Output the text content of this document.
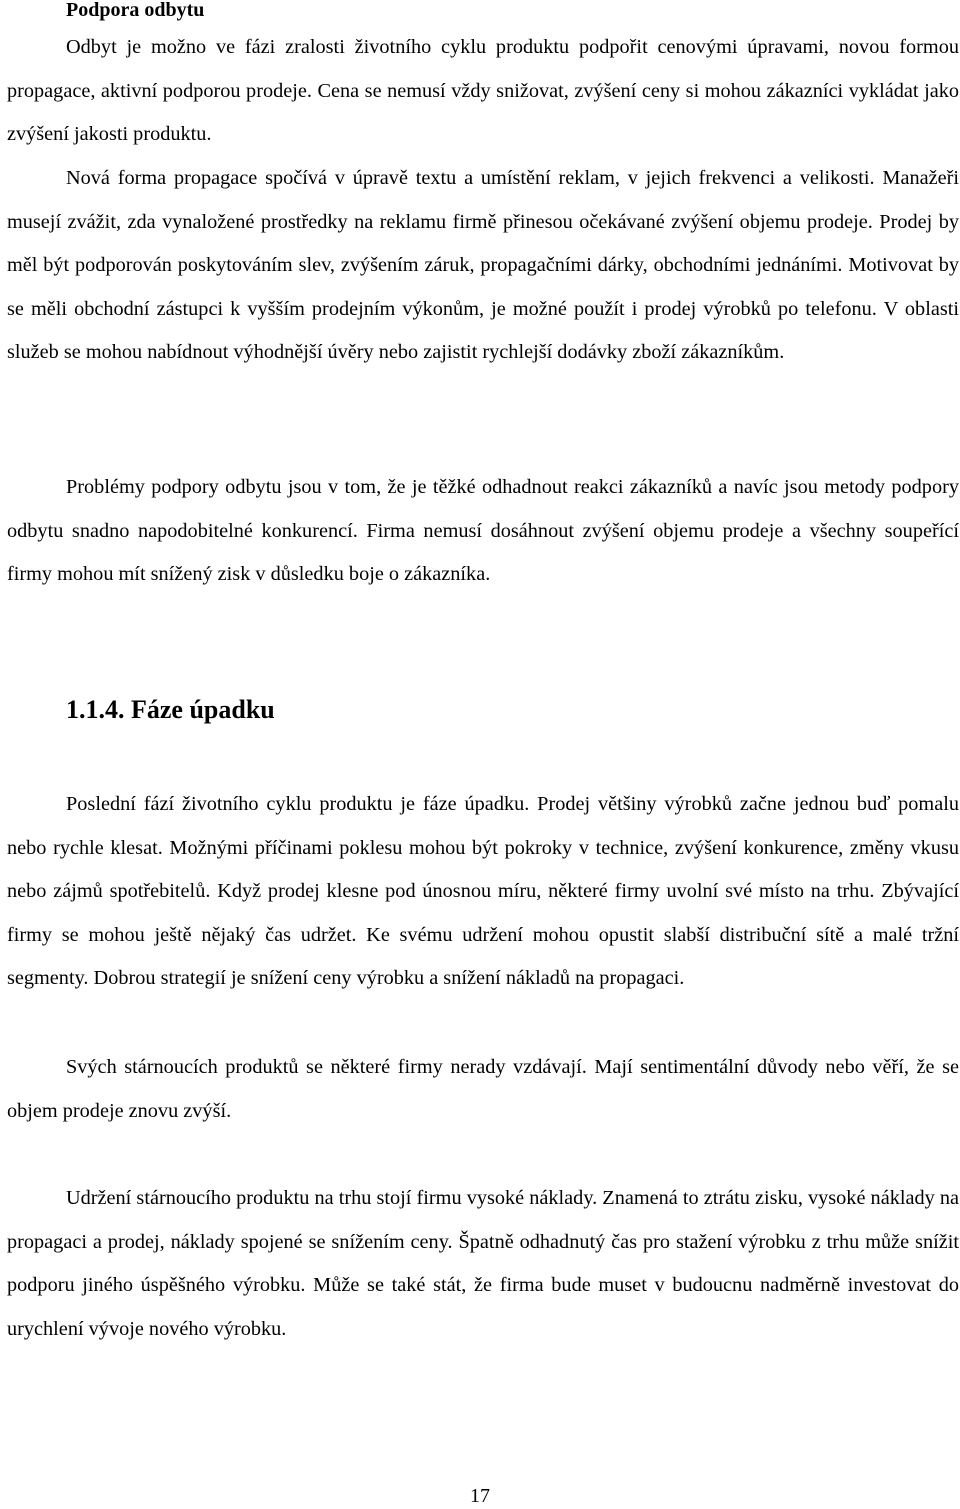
Podpora odbytu

Odbyt je možno ve fázi zralosti životního cyklu produktu podpořit cenovými úpravami, novou formou propagace, aktivní podporou prodeje. Cena se nemusí vždy snižovat, zvýšení ceny si mohou zákazníci vykládat jako zvýšení jakosti produktu.

Nová forma propagace spočívá v úpravě textu a umístění reklam, v jejich frekvenci a velikosti. Manažeři musejí zvážit, zda vynaložené prostředky na reklamu firmě přinesou očekávané zvýšení objemu prodeje. Prodej by měl být podporován poskytováním slev, zvýšením záruk, propagačními dárky, obchodními jednáními. Motivovat by se měli obchodní zástupci k vyšším prodejním výkonům, je možné použít i prodej výrobků po telefonu. V oblasti služeb se mohou nabídnout výhodnější úvěry nebo zajistit rychlejší dodávky zboží zákazníkům.

Problémy podpory odbytu jsou v tom, že je těžké odhadnout reakci zákazníků a navíc jsou metody podpory odbytu snadno napodobitelné konkurencí. Firma nemusí dosáhnout zvýšení objemu prodeje a všechny soupeřící firmy mohou mít snížený zisk v důsledku boje o zákazníka.

1.1.4. Fáze úpadku

Poslední fází životního cyklu produktu je fáze úpadku. Prodej většiny výrobků začne jednou buď pomalu nebo rychle klesat. Možnými příčinami poklesu mohou být pokroky v technice, zvýšení konkurence, změny vkusu nebo zájmů spotřebitelů. Když prodej klesne pod únosnou míru, některé firmy uvolní své místo na trhu. Zbývající firmy se mohou ještě nějaký čas udržet. Ke svému udržení mohou opustit slabší distribuční sítě a malé tržní segmenty. Dobrou strategií je snížení ceny výrobku a snížení nákladů na propagaci.

Svých stárnoucích produktů se některé firmy nerady vzdávají. Mají sentimentální důvody nebo věří, že se objem prodeje znovu zvýší.

Udržení stárnoucího produktu na trhu stojí firmu vysoké náklady. Znamená to ztrátu zisku, vysoké náklady na propagaci a prodej, náklady spojené se snížením ceny. Špatně odhadnutý čas pro stažení výrobku z trhu může snížit podporu jiného úspěšného výrobku. Může se také stát, že firma bude muset v budoucnu nadměrně investovat do urychlení vývoje nového výrobku.

17
